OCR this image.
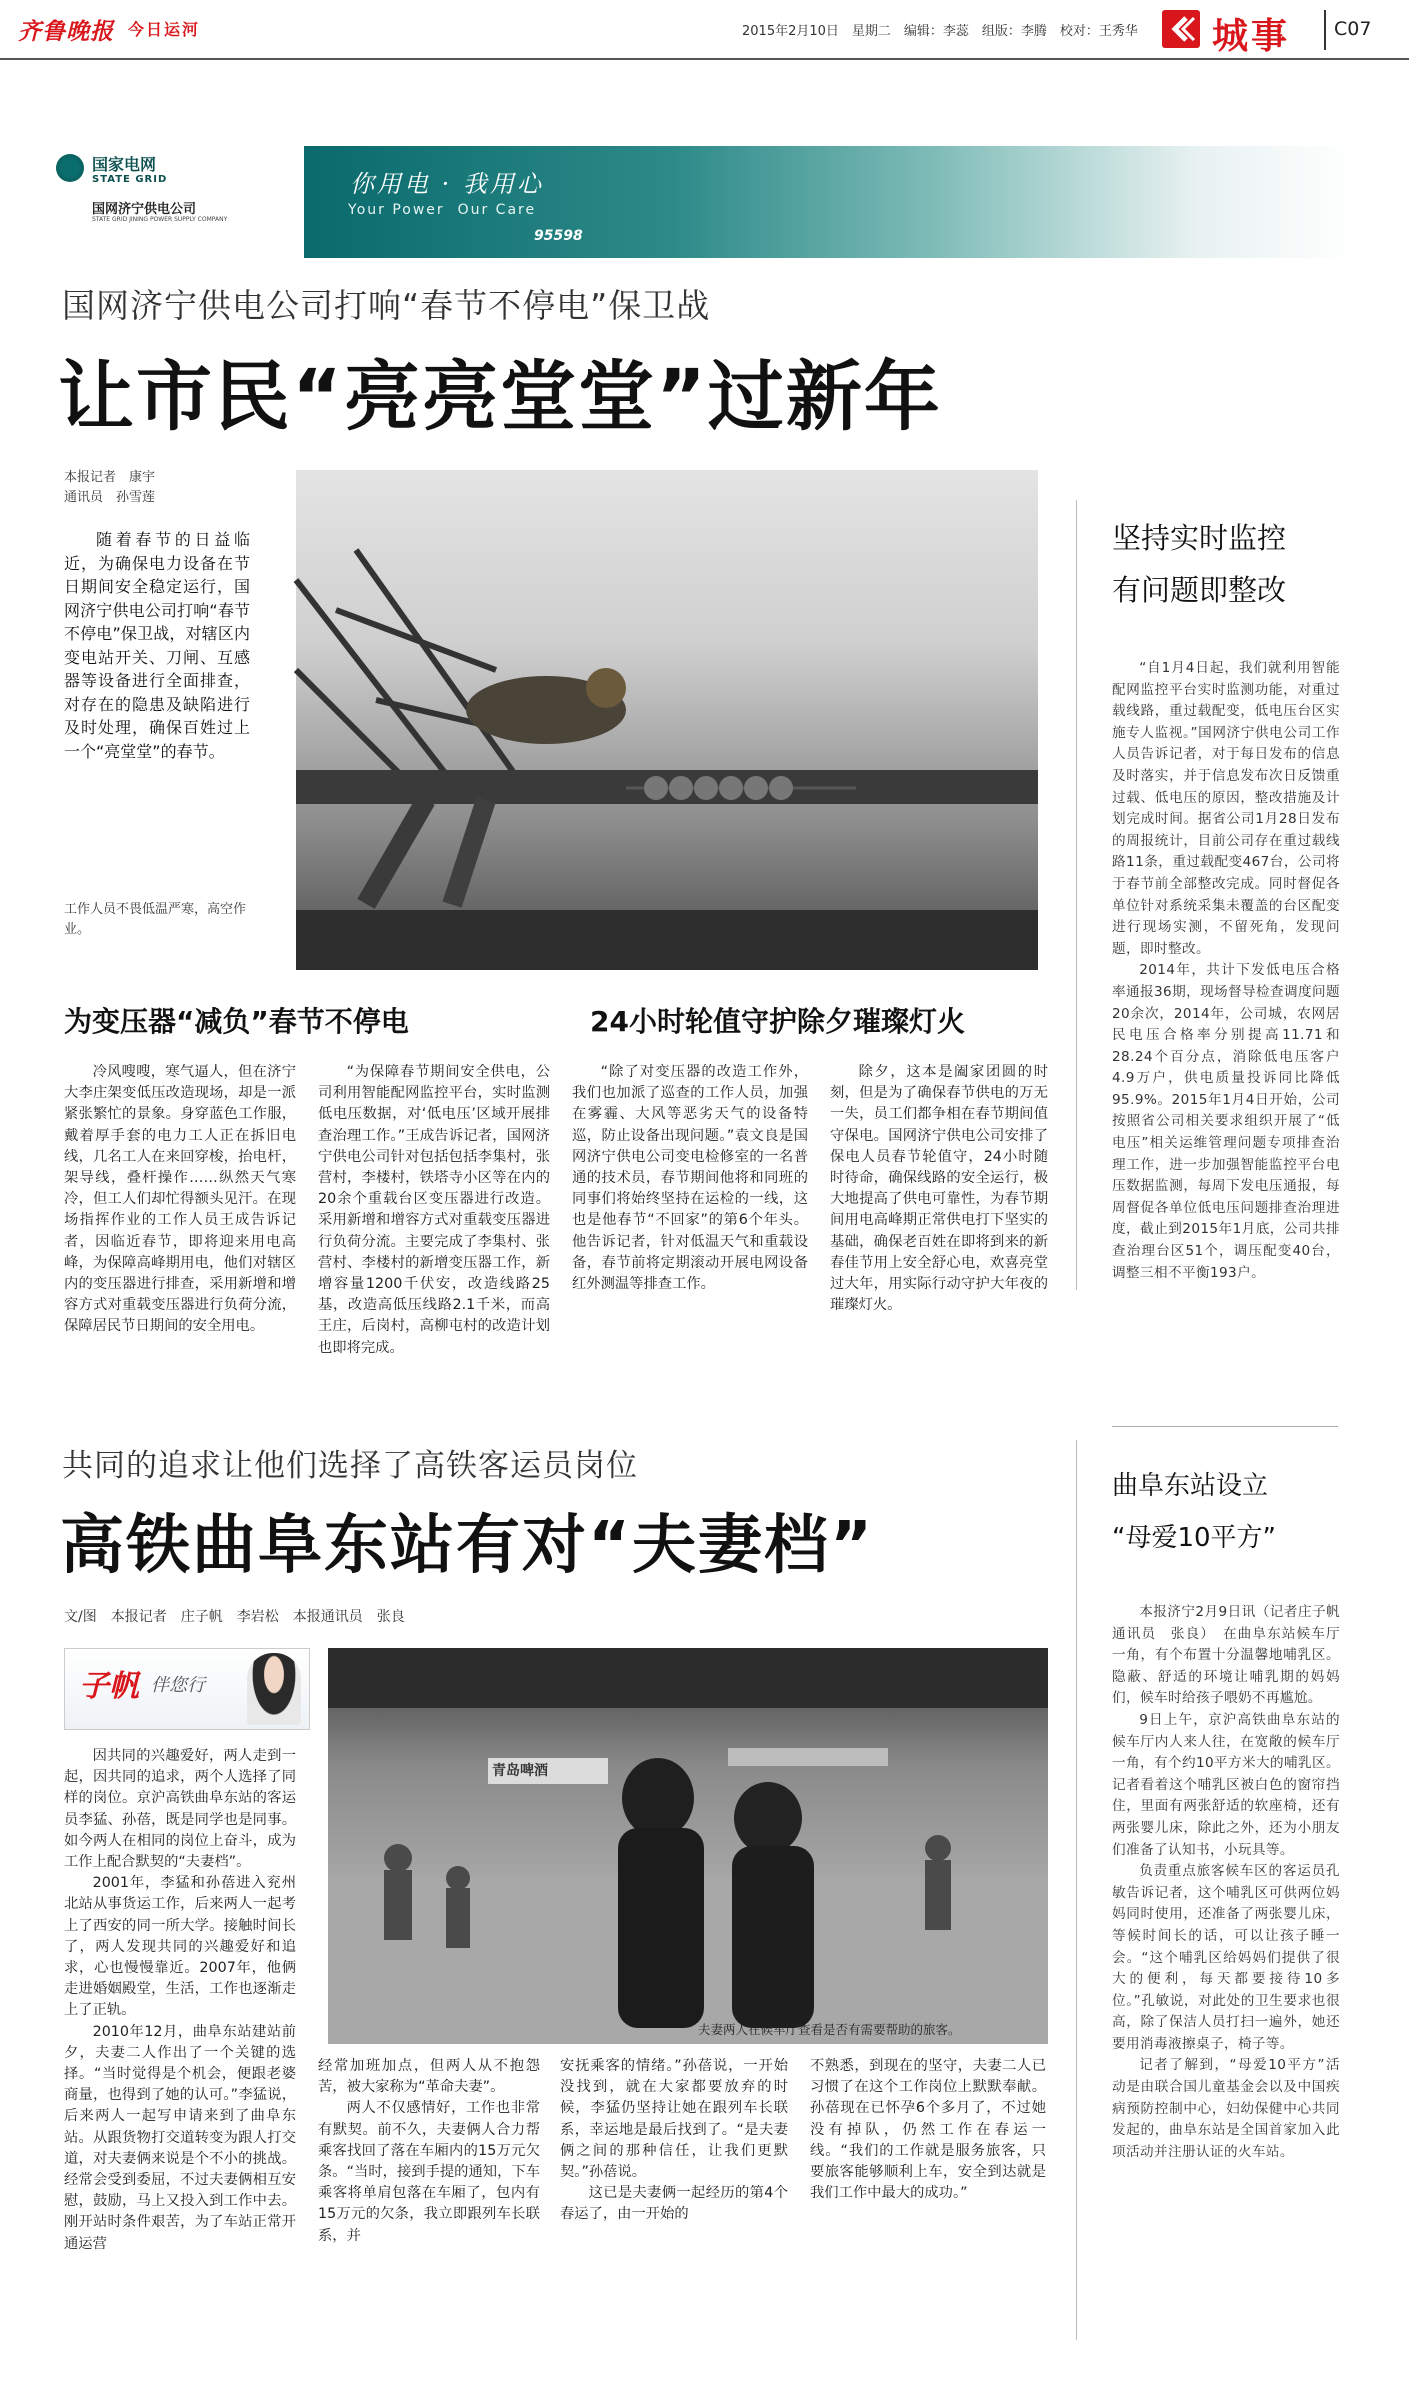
齐鲁晚报 今日运河	2015年2月10日　星期二　编辑：李蕊　组版：李腾　校对：王秀华 城事 C07
国家电网
STATE GRID
国网济宁供电公司
STATE GRID JINING POWER SUPPLY COMPANY
你用电 · 我用心
Your Power  Our Care
95598
国网济宁供电公司打响“春节不停电”保卫战
让市民“亮亮堂堂”过新年
本报记者　康宇
通讯员　孙雪莲

随着春节的日益临近，为确保电力设备在节日期间安全稳定运行，国网济宁供电公司打响“春节不停电”保卫战，对辖区内变电站开关、刀闸、互感器等设备进行全面排查，对存在的隐患及缺陷进行及时处理，确保百姓过上一个“亮堂堂”的春节。

工作人员不畏低温严寒，高空作业。
为变压器“减负”春节不停电

冷风嗖嗖，寒气逼人，但在济宁大李庄架变低压改造现场，却是一派紧张繁忙的景象。身穿蓝色工作服，戴着厚手套的电力工人正在拆旧电线，几名工人在来回穿梭，抬电杆，架导线，叠杆操作……纵然天气寒冷，但工人们却忙得额头见汗。在现场指挥作业的工作人员王成告诉记者，因临近春节，即将迎来用电高峰，为保障高峰期用电，他们对辖区内的变压器进行排查，采用新增和增容方式对重载变压器进行负荷分流，保障居民节日期间的安全用电。

“为保障春节期间安全供电，公司利用智能配网监控平台，实时监测低电压数据，对‘低电压’区域开展排查治理工作。”王成告诉记者，国网济宁供电公司针对包括包括李集村，张营村，李楼村，铁塔寺小区等在内的20余个重载台区变压器进行改造。采用新增和增容方式对重载变压器进行负荷分流。主要完成了李集村、张营村、李楼村的新增变压器工作，新增容量1200千伏安，改造线路25基，改造高低压线路2.1千米，而高王庄，后岗村，高柳屯村的改造计划也即将完成。

24小时轮值守护除夕璀璨灯火

“除了对变压器的改造工作外，我们也加派了巡查的工作人员，加强在雾霾、大风等恶劣天气的设备特巡，防止设备出现问题。”袁文良是国网济宁供电公司变电检修室的一名普通的技术员，春节期间他将和同班的同事们将始终坚持在运检的一线，这也是他春节“不回家”的第6个年头。他告诉记者，针对低温天气和重载设备，春节前将定期滚动开展电网设备红外测温等排查工作。

除夕，这本是阖家团圆的时刻，但是为了确保春节供电的万无一失，员工们都争相在春节期间值守保电。国网济宁供电公司安排了保电人员春节轮值守，24小时随时待命，确保线路的安全运行，极大地提高了供电可靠性，为春节期间用电高峰期正常供电打下坚实的基础，确保老百姓在即将到来的新春佳节用上安全舒心电，欢喜亮堂过大年，用实际行动守护大年夜的璀璨灯火。

坚持实时监控
有问题即整改

“自1月4日起，我们就利用智能配网监控平台实时监测功能，对重过载线路，重过载配变，低电压台区实施专人监视。”国网济宁供电公司工作人员告诉记者，对于每日发布的信息及时落实，并于信息发布次日反馈重过载、低电压的原因，整改措施及计划完成时间。据省公司1月28日发布的周报统计，目前公司存在重过载线路11条，重过载配变467台，公司将于春节前全部整改完成。同时督促各单位针对系统采集未覆盖的台区配变进行现场实测，不留死角，发现问题，即时整改。

2014年，共计下发低电压合格率通报36期，现场督导检查调度问题20余次，2014年，公司城，农网居民电压合格率分别提高11.71和28.24个百分点，消除低电压客户4.9万户，供电质量投诉同比降低95.9%。2015年1月4日开始，公司按照省公司相关要求组织开展了“低电压”相关运维管理问题专项排查治理工作，进一步加强智能监控平台电压数据监测，每周下发电压通报，每周督促各单位低电压问题排查治理进度，截止到2015年1月底，公司共排查治理台区51个，调压配变40台，调整三相不平衡193户。

共同的追求让他们选择了高铁客运员岗位
高铁曲阜东站有对“夫妻档”
文/图　本报记者　庄子帆　李岩松　本报通讯员　张良
子帆 伴您行
青岛啤酒
夫妻两人在候车厅查看是否有需要帮助的旅客。

因共同的兴趣爱好，两人走到一起，因共同的追求，两个人选择了同样的岗位。京沪高铁曲阜东站的客运员李猛、孙蓓，既是同学也是同事。如今两人在相同的岗位上奋斗，成为工作上配合默契的“夫妻档”。

2001年，李猛和孙蓓进入兖州北站从事货运工作，后来两人一起考上了西安的同一所大学。接触时间长了，两人发现共同的兴趣爱好和追求，心也慢慢靠近。2007年，他俩走进婚姻殿堂，生活，工作也逐渐走上了正轨。

2010年12月，曲阜东站建站前夕，夫妻二人作出了一个关键的选择。“当时觉得是个机会，便跟老婆商量，也得到了她的认可。”李猛说，后来两人一起写申请来到了曲阜东站。从跟货物打交道转变为跟人打交道，对夫妻俩来说是个不小的挑战。经常会受到委屈，不过夫妻俩相互安慰，鼓励，马上又投入到工作中去。刚开站时条件艰苦，为了车站正常开通运营

经常加班加点，但两人从不抱怨苦，被大家称为“革命夫妻”。

两人不仅感情好，工作也非常有默契。前不久，夫妻俩人合力帮乘客找回了落在车厢内的15万元欠条。“当时，接到手提的通知，下车乘客将单肩包落在车厢了，包内有15万元的欠条，我立即跟列车长联系，并

安抚乘客的情绪。”孙蓓说，一开始没找到，就在大家都要放弃的时候，李猛仍坚持让她在跟列车长联系，幸运地是最后找到了。“是夫妻俩之间的那种信任，让我们更默契。”孙蓓说。

这已是夫妻俩一起经历的第4个春运了，由一开始的

不熟悉，到现在的坚守，夫妻二人已习惯了在这个工作岗位上默默奉献。孙蓓现在已怀孕6个多月了，不过她没有掉队，仍然工作在春运一线。“我们的工作就是服务旅客，只要旅客能够顺利上车，安全到达就是我们工作中最大的成功。”

曲阜东站设立
“母爱10平方”

本报济宁2月9日讯（记者庄子帆　通讯员　张良）　在曲阜东站候车厅一角，有个布置十分温馨地哺乳区。隐蔽、舒适的环境让哺乳期的妈妈们，候车时给孩子喂奶不再尴尬。

9日上午，京沪高铁曲阜东站的候车厅内人来人往，在宽敞的候车厅一角，有个约10平方米大的哺乳区。记者看着这个哺乳区被白色的窗帘挡住，里面有两张舒适的软座椅，还有两张婴儿床，除此之外，还为小朋友们准备了认知书，小玩具等。

负责重点旅客候车区的客运员孔敏告诉记者，这个哺乳区可供两位妈妈同时使用，还准备了两张婴儿床，等候时间长的话，可以让孩子睡一会。“这个哺乳区给妈妈们提供了很大的便利，每天都要接待10多位。”孔敏说，对此处的卫生要求也很高，除了保洁人员打扫一遍外，她还要用消毒液擦桌子，椅子等。

记者了解到，“母爱10平方”活动是由联合国儿童基金会以及中国疾病预防控制中心，妇幼保健中心共同发起的，曲阜东站是全国首家加入此项活动并注册认证的火车站。
